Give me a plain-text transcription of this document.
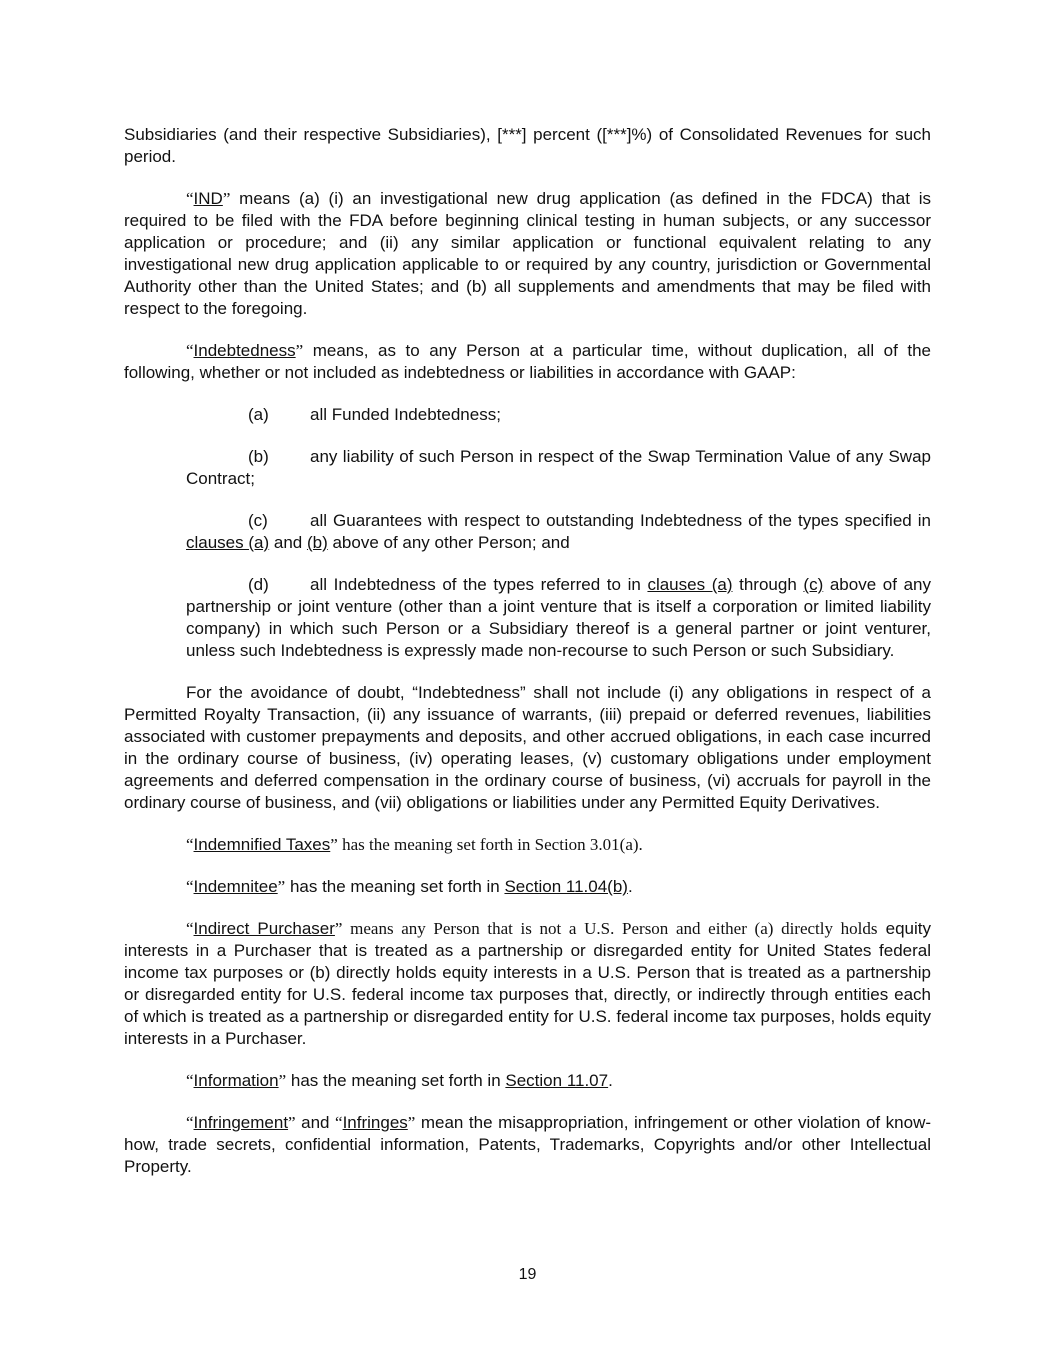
Subsidiaries (and their respective Subsidiaries), [***] percent ([***]%) of Consolidated Revenues for such period.

“IND” means (a) (i) an investigational new drug application (as defined in the FDCA) that is required to be filed with the FDA before beginning clinical testing in human subjects, or any successor application or procedure; and (ii) any similar application or functional equivalent relating to any investigational new drug application applicable to or required by any country, jurisdiction or Governmental Authority other than the United States; and (b) all supplements and amendments that may be filed with respect to the foregoing.

“Indebtedness” means, as to any Person at a particular time, without duplication, all of the following, whether or not included as indebtedness or liabilities in accordance with GAAP:

(a) all Funded Indebtedness;

(b) any liability of such Person in respect of the Swap Termination Value of any Swap Contract;

(c) all Guarantees with respect to outstanding Indebtedness of the types specified in clauses (a) and (b) above of any other Person; and

(d) all Indebtedness of the types referred to in clauses (a) through (c) above of any partnership or joint venture (other than a joint venture that is itself a corporation or limited liability company) in which such Person or a Subsidiary thereof is a general partner or joint venturer, unless such Indebtedness is expressly made non-recourse to such Person or such Subsidiary.

For the avoidance of doubt, “Indebtedness” shall not include (i) any obligations in respect of a Permitted Royalty Transaction, (ii) any issuance of warrants, (iii) prepaid or deferred revenues, liabilities associated with customer prepayments and deposits, and other accrued obligations, in each case incurred in the ordinary course of business, (iv) operating leases, (v) customary obligations under employment agreements and deferred compensation in the ordinary course of business, (vi) accruals for payroll in the ordinary course of business, and (vii) obligations or liabilities under any Permitted Equity Derivatives.

“Indemnified Taxes” has the meaning set forth in Section 3.01(a).

“Indemnitee” has the meaning set forth in Section 11.04(b).

“Indirect Purchaser” means any Person that is not a U.S. Person and either (a) directly holds equity interests in a Purchaser that is treated as a partnership or disregarded entity for United States federal income tax purposes or (b) directly holds equity interests in a U.S. Person that is treated as a partnership or disregarded entity for U.S. federal income tax purposes that, directly, or indirectly through entities each of which is treated as a partnership or disregarded entity for U.S. federal income tax purposes, holds equity interests in a Purchaser.

“Information” has the meaning set forth in Section 11.07.

“Infringement” and “Infringes” mean the misappropriation, infringement or other violation of know-how, trade secrets, confidential information, Patents, Trademarks, Copyrights and/or other Intellectual Property.

19
